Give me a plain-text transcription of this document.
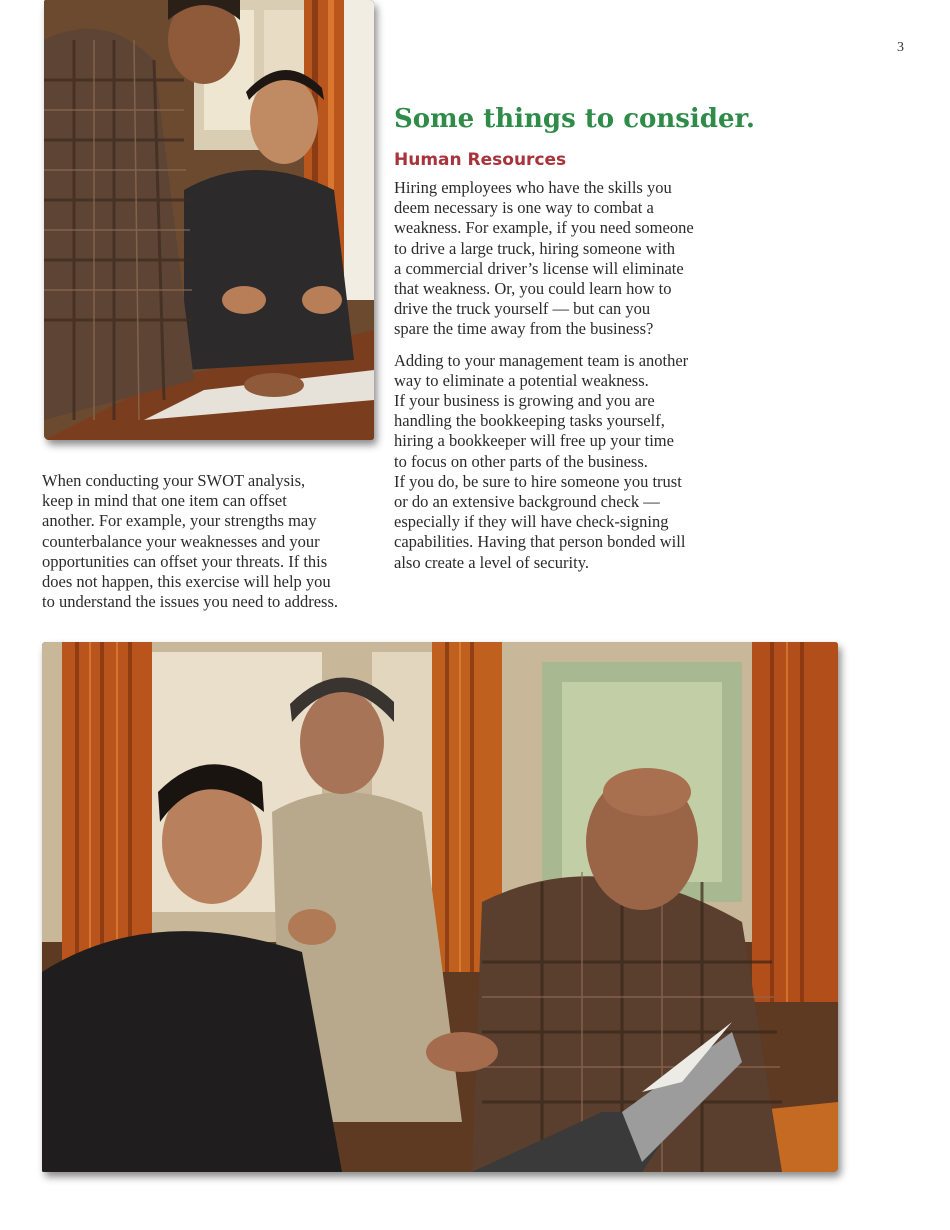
3
Some things to consider.
Human Resources

Hiring employees who have the skills you
deem necessary is one way to combat a
weakness. For example, if you need someone
to drive a large truck, hiring someone with
a commercial driver’s license will eliminate
that weakness. Or, you could learn how to
drive the truck yourself — but can you
spare the time away from the business?

Adding to your management team is another
way to eliminate a potential weakness.
If your business is growing and you are
handling the bookkeeping tasks yourself,
hiring a bookkeeper will free up your time
to focus on other parts of the business.
If you do, be sure to hire someone you trust
or do an extensive background check —
especially if they will have check-signing
capabilities. Having that person bonded will
also create a level of security.

When conducting your SWOT analysis,
keep in mind that one item can offset
another. For example, your strengths may
counterbalance your weaknesses and your
opportunities can offset your threats. If this
does not happen, this exercise will help you
to understand the issues you need to address.
